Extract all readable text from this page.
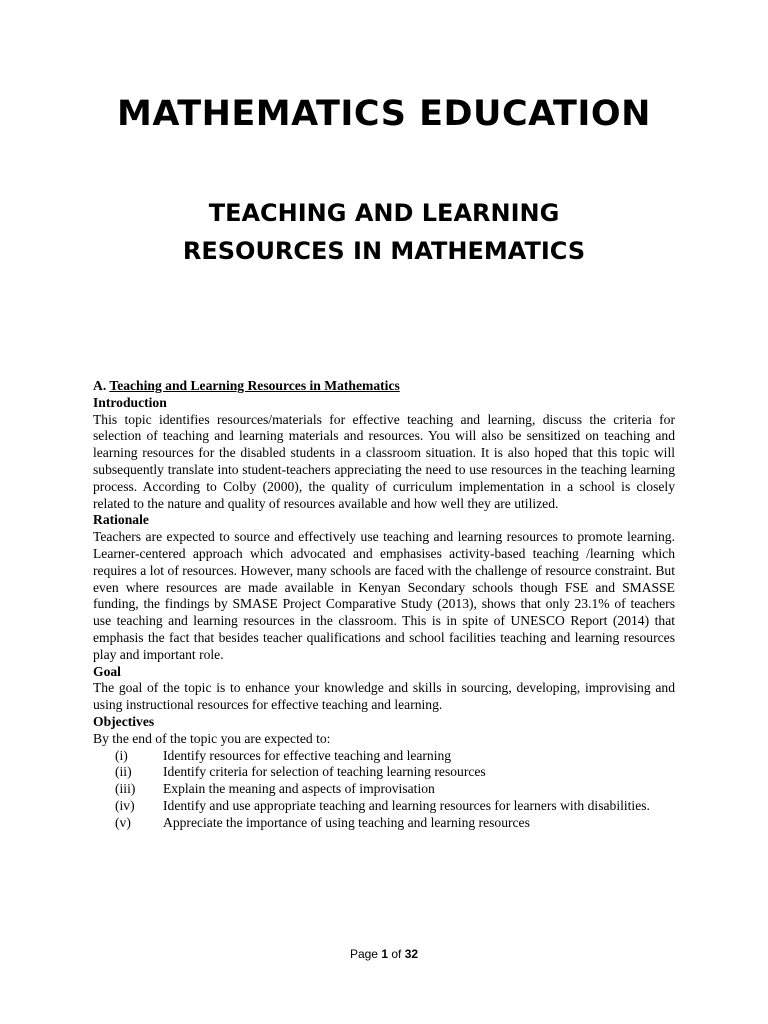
MATHEMATICS EDUCATION
TEACHING AND LEARNING
RESOURCES IN MATHEMATICS

A. Teaching and Learning Resources in Mathematics

Introduction

This topic identifies resources/materials for effective teaching and learning, discuss the criteria for selection of teaching and learning materials and resources. You will also be sensitized on teaching and learning resources for the disabled students in a classroom situation. It is also hoped that this topic will subsequently translate into student-teachers appreciating the need to use resources in the teaching learning process. According to Colby (2000), the quality of curriculum implementation in a school is closely related to the nature and quality of resources available and how well they are utilized.

Rationale

Teachers are expected to source and effectively use teaching and learning resources to promote learning. Learner-centered approach which advocated and emphasises activity-based teaching /learning which requires a lot of resources. However, many schools are faced with the challenge of resource constraint. But even where resources are made available in Kenyan Secondary schools though FSE and SMASSE funding, the findings by SMASE Project Comparative Study (2013), shows that only 23.1% of teachers use teaching and learning resources in the classroom. This is in spite of UNESCO Report (2014) that emphasis the fact that besides teacher qualifications and school facilities teaching and learning resources play and important role.

Goal

The goal of the topic is to enhance your knowledge and skills in sourcing, developing, improvising and using instructional resources for effective teaching and learning.

Objectives

By the end of the topic you are expected to:

(i)	Identify resources for effective teaching and learning
(ii)	Identify criteria for selection of teaching learning resources
(iii)	Explain the meaning and aspects of improvisation
(iv)	Identify and use appropriate teaching and learning resources for learners with disabilities.
(v)	Appreciate the importance of using teaching and learning resources
Page 1 of 32
